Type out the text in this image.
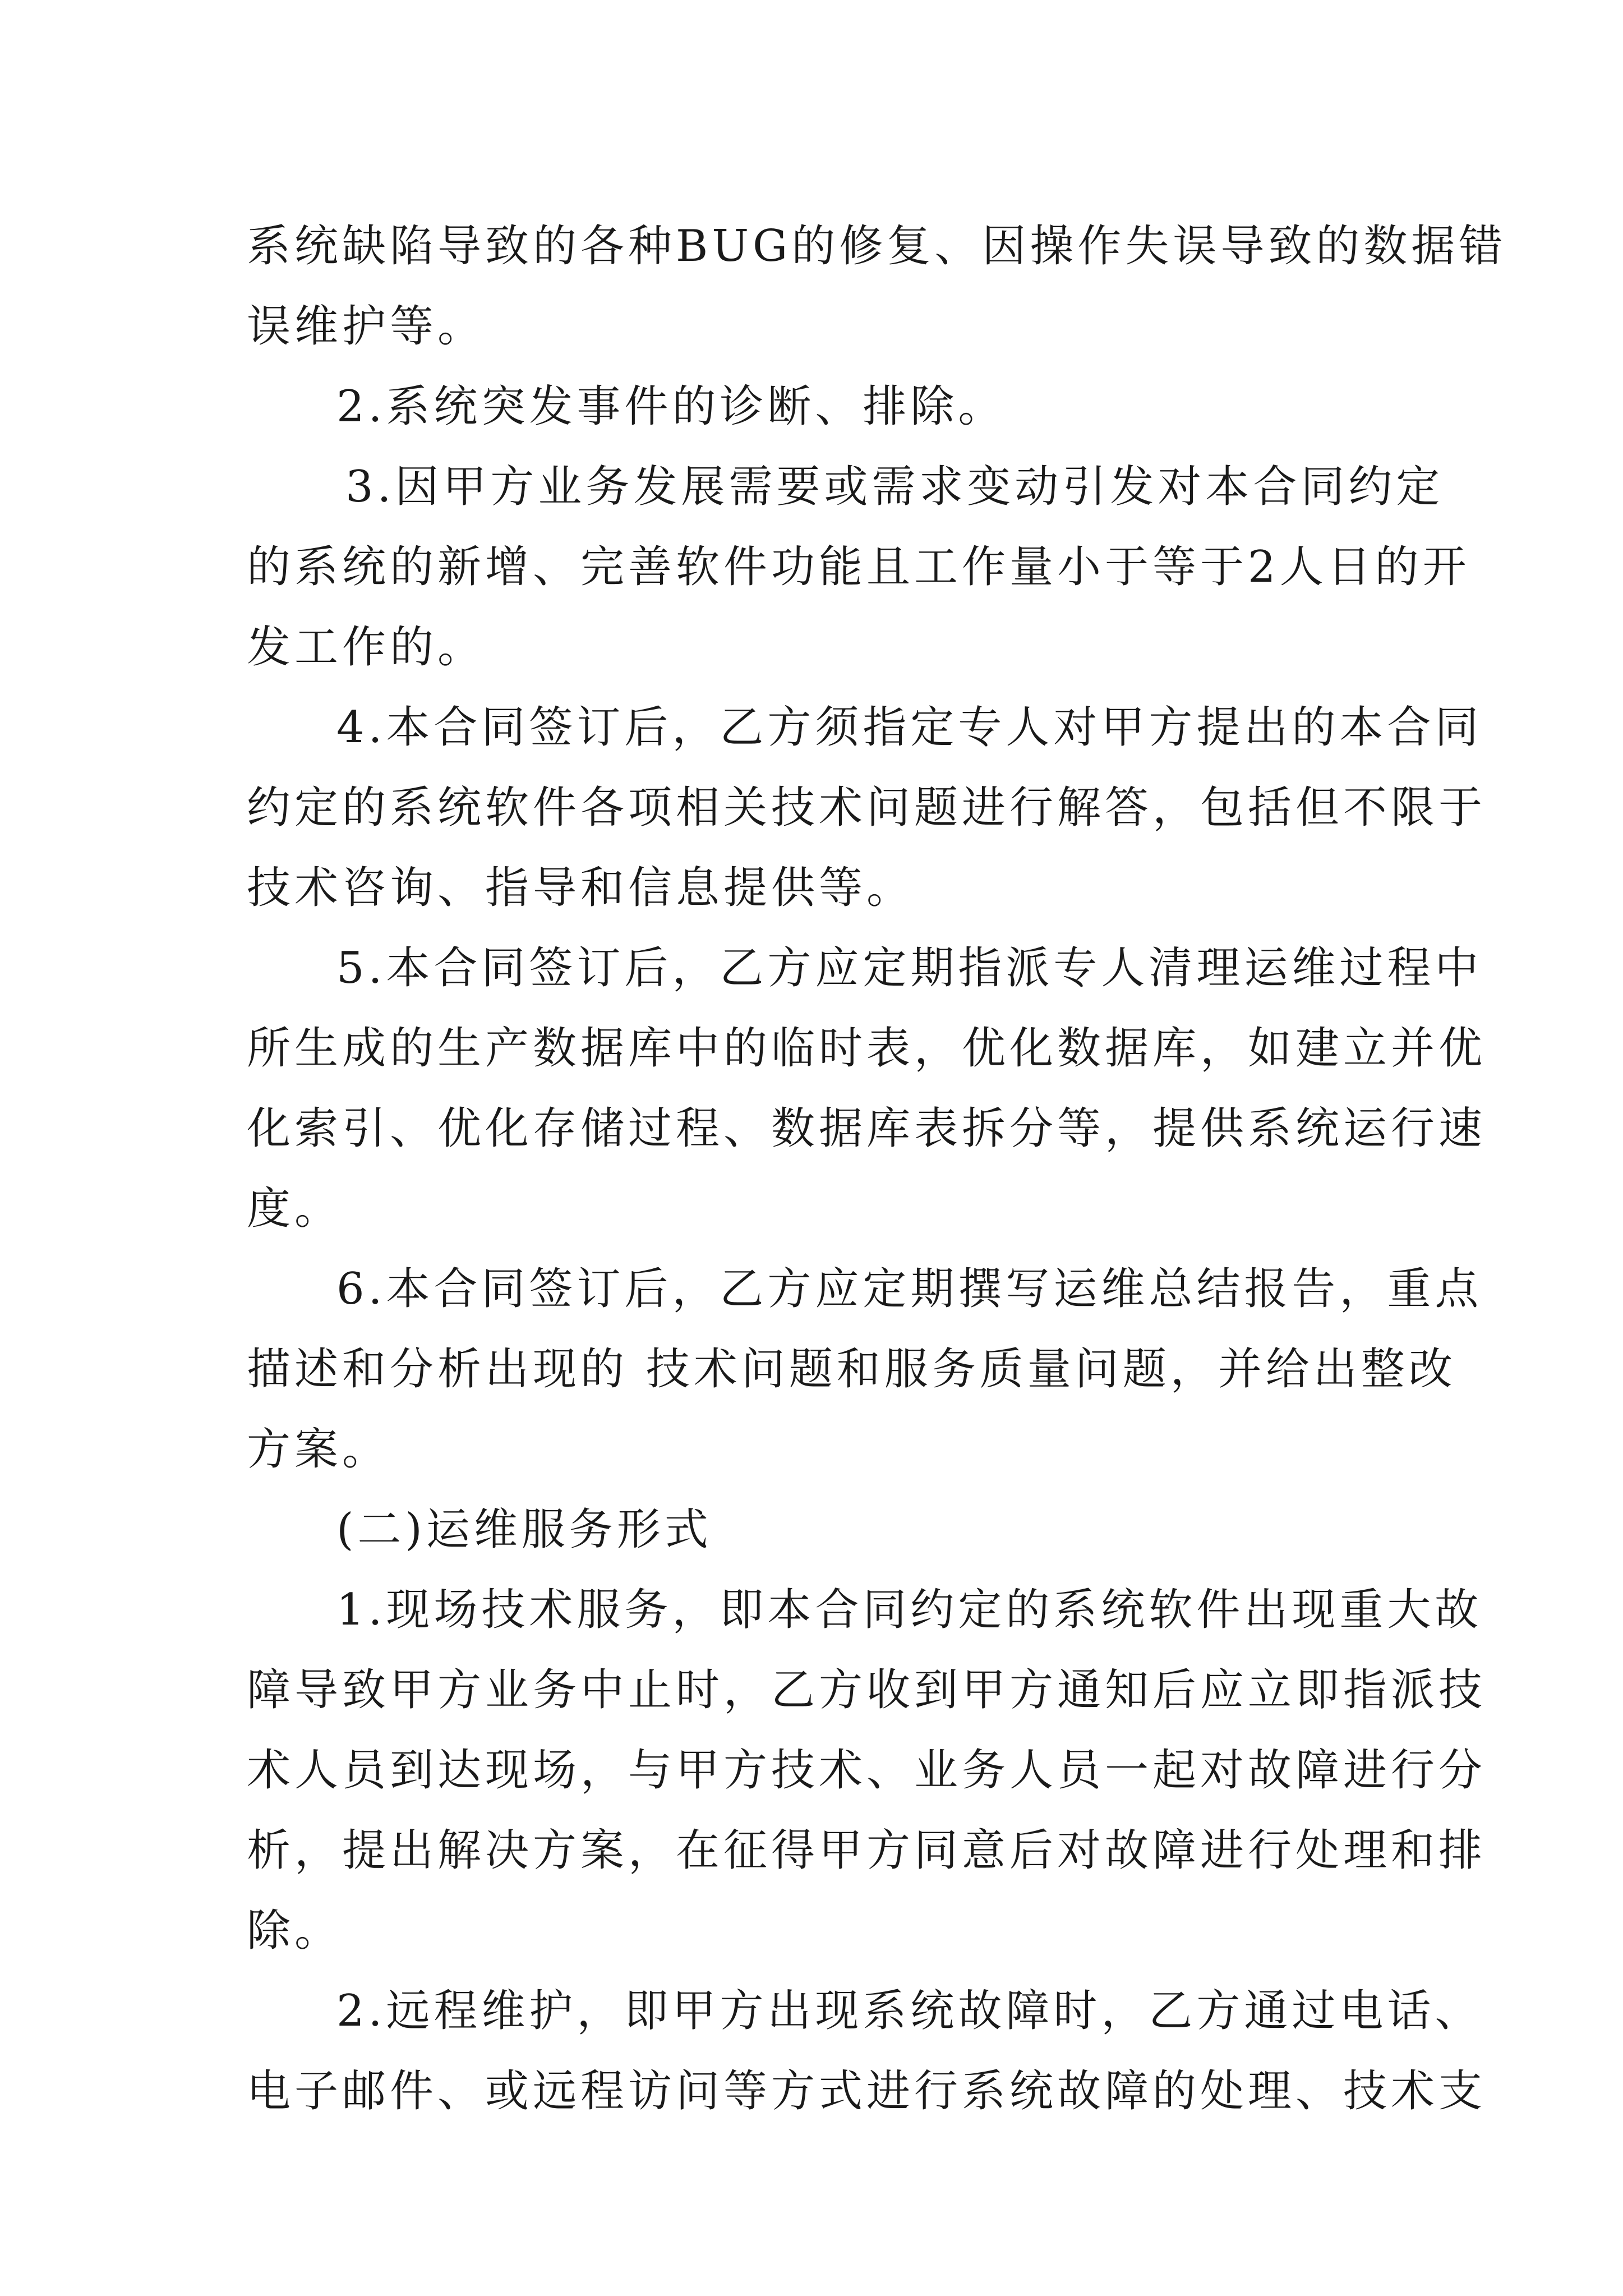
系统缺陷导致的各种BUG的修复、因操作失误导致的数据错
误维护等。
2.系统突发事件的诊断、排除。
3.因甲方业务发展需要或需求变动引发对本合同约定
的系统的新增、完善软件功能且工作量小于等于2人日的开
发工作的。
4.本合同签订后，乙方须指定专人对甲方提出的本合同
约定的系统软件各项相关技术问题进行解答，包括但不限于
技术咨询、指导和信息提供等。
5.本合同签订后，乙方应定期指派专人清理运维过程中
所生成的生产数据库中的临时表，优化数据库，如建立并优
化索引、优化存储过程、数据库表拆分等，提供系统运行速
度。
6.本合同签订后，乙方应定期撰写运维总结报告，重点
描述和分析出现的 技术问题和服务质量问题，并给出整改
方案。
(二)运维服务形式
1.现场技术服务，即本合同约定的系统软件出现重大故
障导致甲方业务中止时，乙方收到甲方通知后应立即指派技
术人员到达现场，与甲方技术、业务人员一起对故障进行分
析，提出解决方案，在征得甲方同意后对故障进行处理和排
除。
2.远程维护，即甲方出现系统故障时，乙方通过电话、
电子邮件、或远程访问等方式进行系统故障的处理、技术支
